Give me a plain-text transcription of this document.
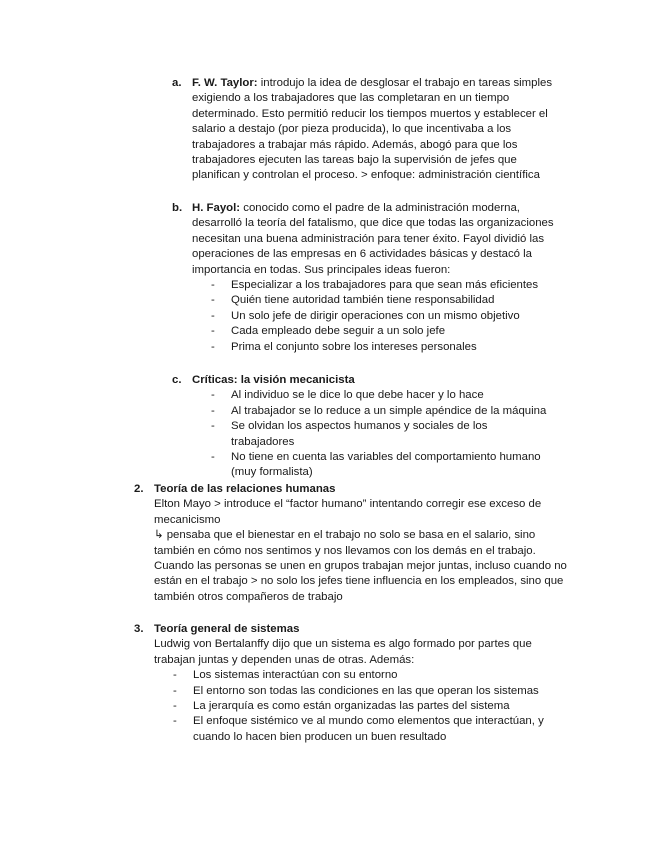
a. F. W. Taylor: introdujo la idea de desglosar el trabajo en tareas simples exigiendo a los trabajadores que las completaran en un tiempo determinado. Esto permitió reducir los tiempos muertos y establecer el salario a destajo (por pieza producida), lo que incentivaba a los trabajadores a trabajar más rápido. Además, abogó para que los trabajadores ejecuten las tareas bajo la supervisión de jefes que planifican y controlan el proceso. > enfoque: administración científica

b. H. Fayol: conocido como el padre de la administración moderna, desarrolló la teoría del fatalismo, que dice que todas las organizaciones necesitan una buena administración para tener éxito. Fayol dividió las operaciones de las empresas en 6 actividades básicas y destacó la importancia en todas. Sus principales ideas fueron:

- Especializar a los trabajadores para que sean más eficientes
- Quién tiene autoridad también tiene responsabilidad
- Un solo jefe de dirigir operaciones con un mismo objetivo
- Cada empleado debe seguir a un solo jefe
- Prima el conjunto sobre los intereses personales
c. Críticas: la visión mecanicista

- Al individuo se le dice lo que debe hacer y lo hace
- Al trabajador se lo reduce a un simple apéndice de la máquina
- Se olvidan los aspectos humanos y sociales de los trabajadores
- No tiene en cuenta las variables del comportamiento humano (muy formalista)
2. Teoría de las relaciones humanas

Elton Mayo > introduce el “factor humano” intentando corregir ese exceso de mecanicismo

↳ pensaba que el bienestar en el trabajo no solo se basa en el salario, sino también en cómo nos sentimos y nos llevamos con los demás en el trabajo. Cuando las personas se unen en grupos trabajan mejor juntas, incluso cuando no están en el trabajo > no solo los jefes tiene influencia en los empleados, sino que también otros compañeros de trabajo

3. Teoría general de sistemas

Ludwig von Bertalanffy dijo que un sistema es algo formado por partes que trabajan juntas y dependen unas de otras. Además:

- Los sistemas interactúan con su entorno
- El entorno son todas las condiciones en las que operan los sistemas
- La jerarquía es como están organizadas las partes del sistema
- El enfoque sistémico ve al mundo como elementos que interactúan, y cuando lo hacen bien producen un buen resultado
